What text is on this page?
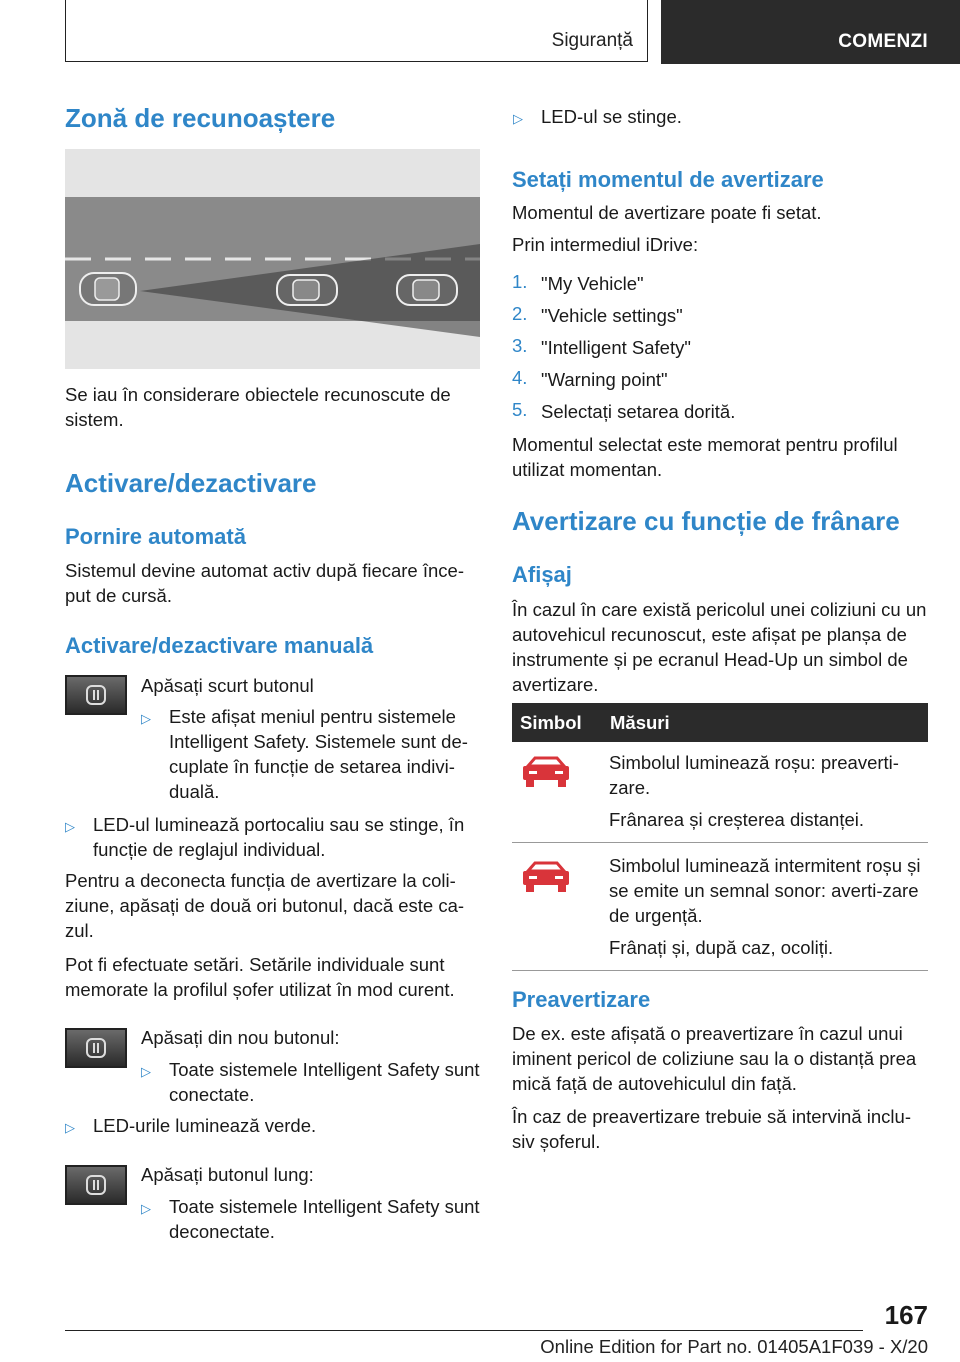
Siguranță	COMENZI
Zonă de recunoaștere
Se iau în considerare obiectele recunoscute de sistem.
Activare/dezactivare
Pornire automată
Sistemul devine automat activ după fiecare încе-put de cursă.
Activare/dezactivare manuală
Apăsați scurt butonul
▷ Este afișat meniul pentru sistemele Intelligent Safety. Sistemele sunt de-cuplate în funcție de setarea indivi-duală.
▷ LED-ul luminează portocaliu sau se stinge, în funcție de reglajul individual.
Pentru a deconecta funcția de avertizare la coli-ziune, apăsați de două ori butonul, dacă este ca-zul.
Pot fi efectuate setări. Setările individuale sunt memorate la profilul șofer utilizat în mod curent.
Apăsați din nou butonul:
▷ Toate sistemele Intelligent Safety sunt conectate.
▷ LED-urile luminează verde.
Apăsați butonul lung:
▷ Toate sistemele Intelligent Safety sunt deconectate.
▷ LED-ul se stinge.
Setați momentul de avertizare
Momentul de avertizare poate fi setat.
Prin intermediul iDrive:
1. "My Vehicle"
2. "Vehicle settings"
3. "Intelligent Safety"
4. "Warning point"
5. Selectați setarea dorită.
Momentul selectat este memorat pentru profilul utilizat momentan.
Avertizare cu funcție de frânare
Afișaj
În cazul în care există pericolul unei coliziuni cu un autovehicul recunoscut, este afișat pe planșa de instrumente și pe ecranul Head-Up un simbol de avertizare.
Simbol	Măsuri

Simbolul luminează roșu: preaverti-zare.
Frânarea și creșterea distanței.

Simbolul luminează intermitent roșu și se emite un semnal sonor: averti-zare de urgență.
Frânați și, după caz, ocoliți.
Preavertizare
De ex. este afișată o preavertizare în cazul unui iminent pericol de coliziune sau la o distanță prea mică față de autovehiculul din față.
În caz de preavertizare trebuie să intervină inclu-siv șoferul.
167
Online Edition for Part no. 01405A1F039 - X/20
